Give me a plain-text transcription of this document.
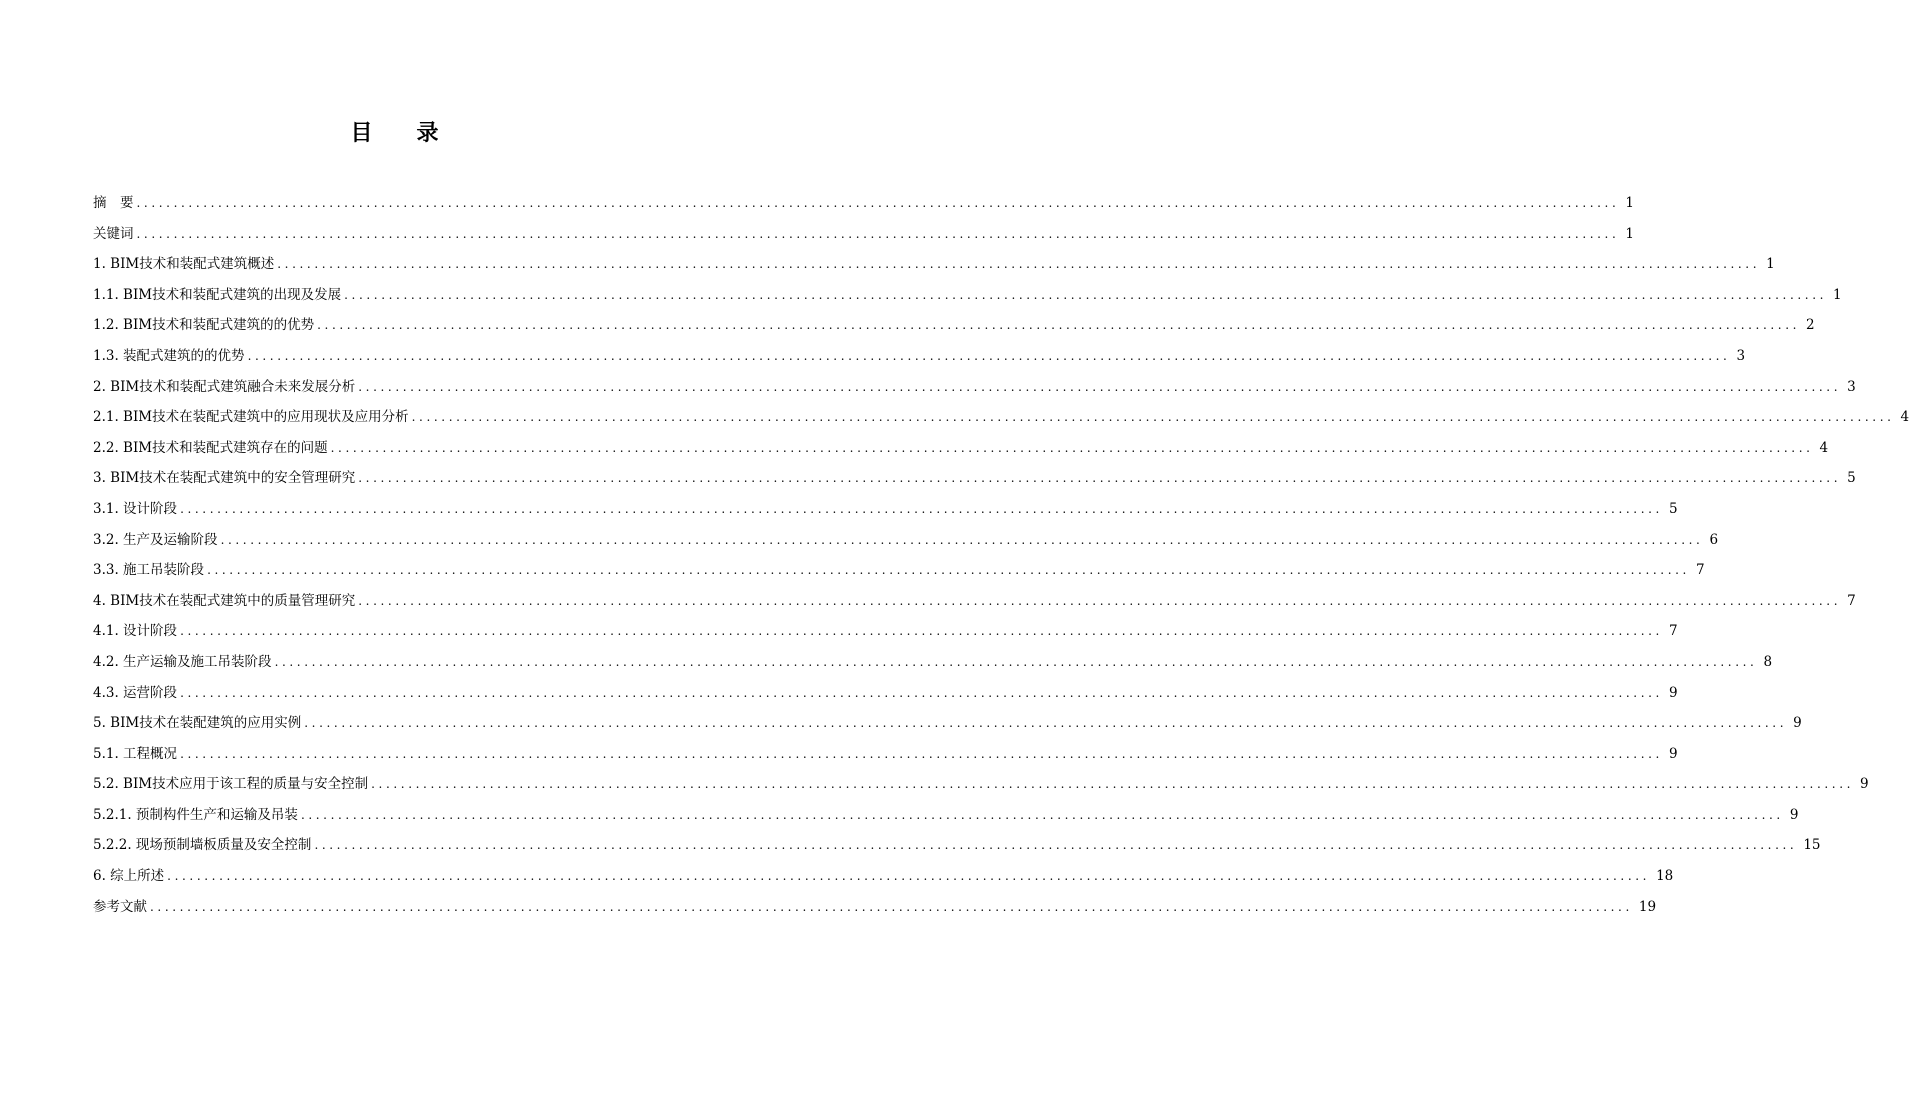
目 录
摘　要 ........................................................................................................................................................................................................ 1
关键词 ........................................................................................................................................................................................................ 1
1. BIM技术和装配式建筑概述 ........................................................................................................................................................................................................ 1
1.1. BIM技术和装配式建筑的出现及发展 ........................................................................................................................................................................................................ 1
1.2. BIM技术和装配式建筑的的优势 ........................................................................................................................................................................................................ 2
1.3. 装配式建筑的的优势 ........................................................................................................................................................................................................ 3
2. BIM技术和装配式建筑融合未来发展分析 ........................................................................................................................................................................................................ 3
2.1. BIM技术在装配式建筑中的应用现状及应用分析 ........................................................................................................................................................................................................ 4
2.2. BIM技术和装配式建筑存在的问题 ........................................................................................................................................................................................................ 4
3. BIM技术在装配式建筑中的安全管理研究 ........................................................................................................................................................................................................ 5
3.1. 设计阶段 ........................................................................................................................................................................................................ 5
3.2. 生产及运输阶段 ........................................................................................................................................................................................................ 6
3.3. 施工吊装阶段 ........................................................................................................................................................................................................ 7
4. BIM技术在装配式建筑中的质量管理研究 ........................................................................................................................................................................................................ 7
4.1. 设计阶段 ........................................................................................................................................................................................................ 7
4.2. 生产运输及施工吊装阶段 ........................................................................................................................................................................................................ 8
4.3. 运营阶段 ........................................................................................................................................................................................................ 9
5. BIM技术在装配建筑的应用实例 ........................................................................................................................................................................................................ 9
5.1. 工程概况 ........................................................................................................................................................................................................ 9
5.2. BIM技术应用于该工程的质量与安全控制 ........................................................................................................................................................................................................ 9
5.2.1. 预制构件生产和运输及吊装 ........................................................................................................................................................................................................ 9
5.2.2. 现场预制墙板质量及安全控制 ........................................................................................................................................................................................................ 15
6. 综上所述 ........................................................................................................................................................................................................ 18
参考文献 ........................................................................................................................................................................................................ 19
